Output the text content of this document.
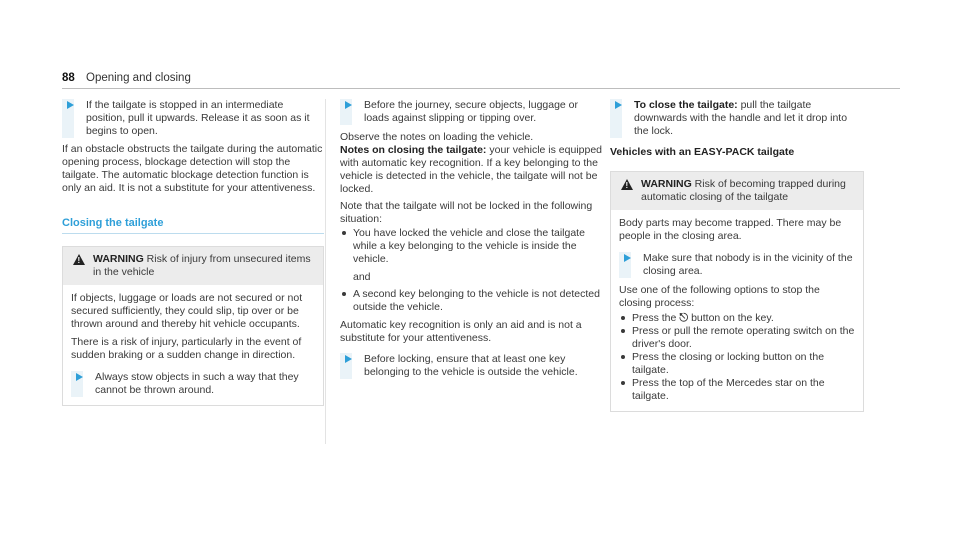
88 Opening and closing

If the tailgate is stopped in an intermediate position, pull it upwards. Release it as soon as it begins to open.

If an obstacle obstructs the tailgate during the automatic opening process, blockage detection will stop the tailgate. The automatic blockage detection function is only an aid. It is not a substitute for your attentiveness.

Closing the tailgate
!
WARNING Risk of injury from unsecured items in the vehicle

If objects, luggage or loads are not secured or not secured sufficiently, they could slip, tip over or be thrown around and thereby hit vehicle occupants.

There is a risk of injury, particularly in the event of sudden braking or a sudden change in direction.

Always stow objects in such a way that they cannot be thrown around.

Before the journey, secure objects, luggage or loads against slipping or tipping over.

Observe the notes on loading the vehicle.

Notes on closing the tailgate: your vehicle is equipped with automatic key recognition. If a key belonging to the vehicle is detected in the vehicle, the tailgate will not be locked.

Note that the tailgate will not be locked in the following situation:

You have locked the vehicle and close the tailgate while a key belonging to the vehicle is inside the vehicle.

and

A second key belonging to the vehicle is not detected outside the vehicle.

Automatic key recognition is only an aid and is not a substitute for your attentiveness.

Before locking, ensure that at least one key belonging to the vehicle is outside the vehicle.

To close the tailgate: pull the tailgate downwards with the handle and let it drop into the lock.

Vehicles with an EASY-PACK tailgate
!
WARNING Risk of becoming trapped during automatic closing of the tailgate

Body parts may become trapped. There may be people in the closing area.

Make sure that nobody is in the vicinity of the closing area.

Use one of the following options to stop the closing process:

Press the ⎋ button on the key.
Press or pull the remote operating switch on the driver's door.
Press the closing or locking button on the tailgate.
Press the top of the Mercedes star on the tailgate.
